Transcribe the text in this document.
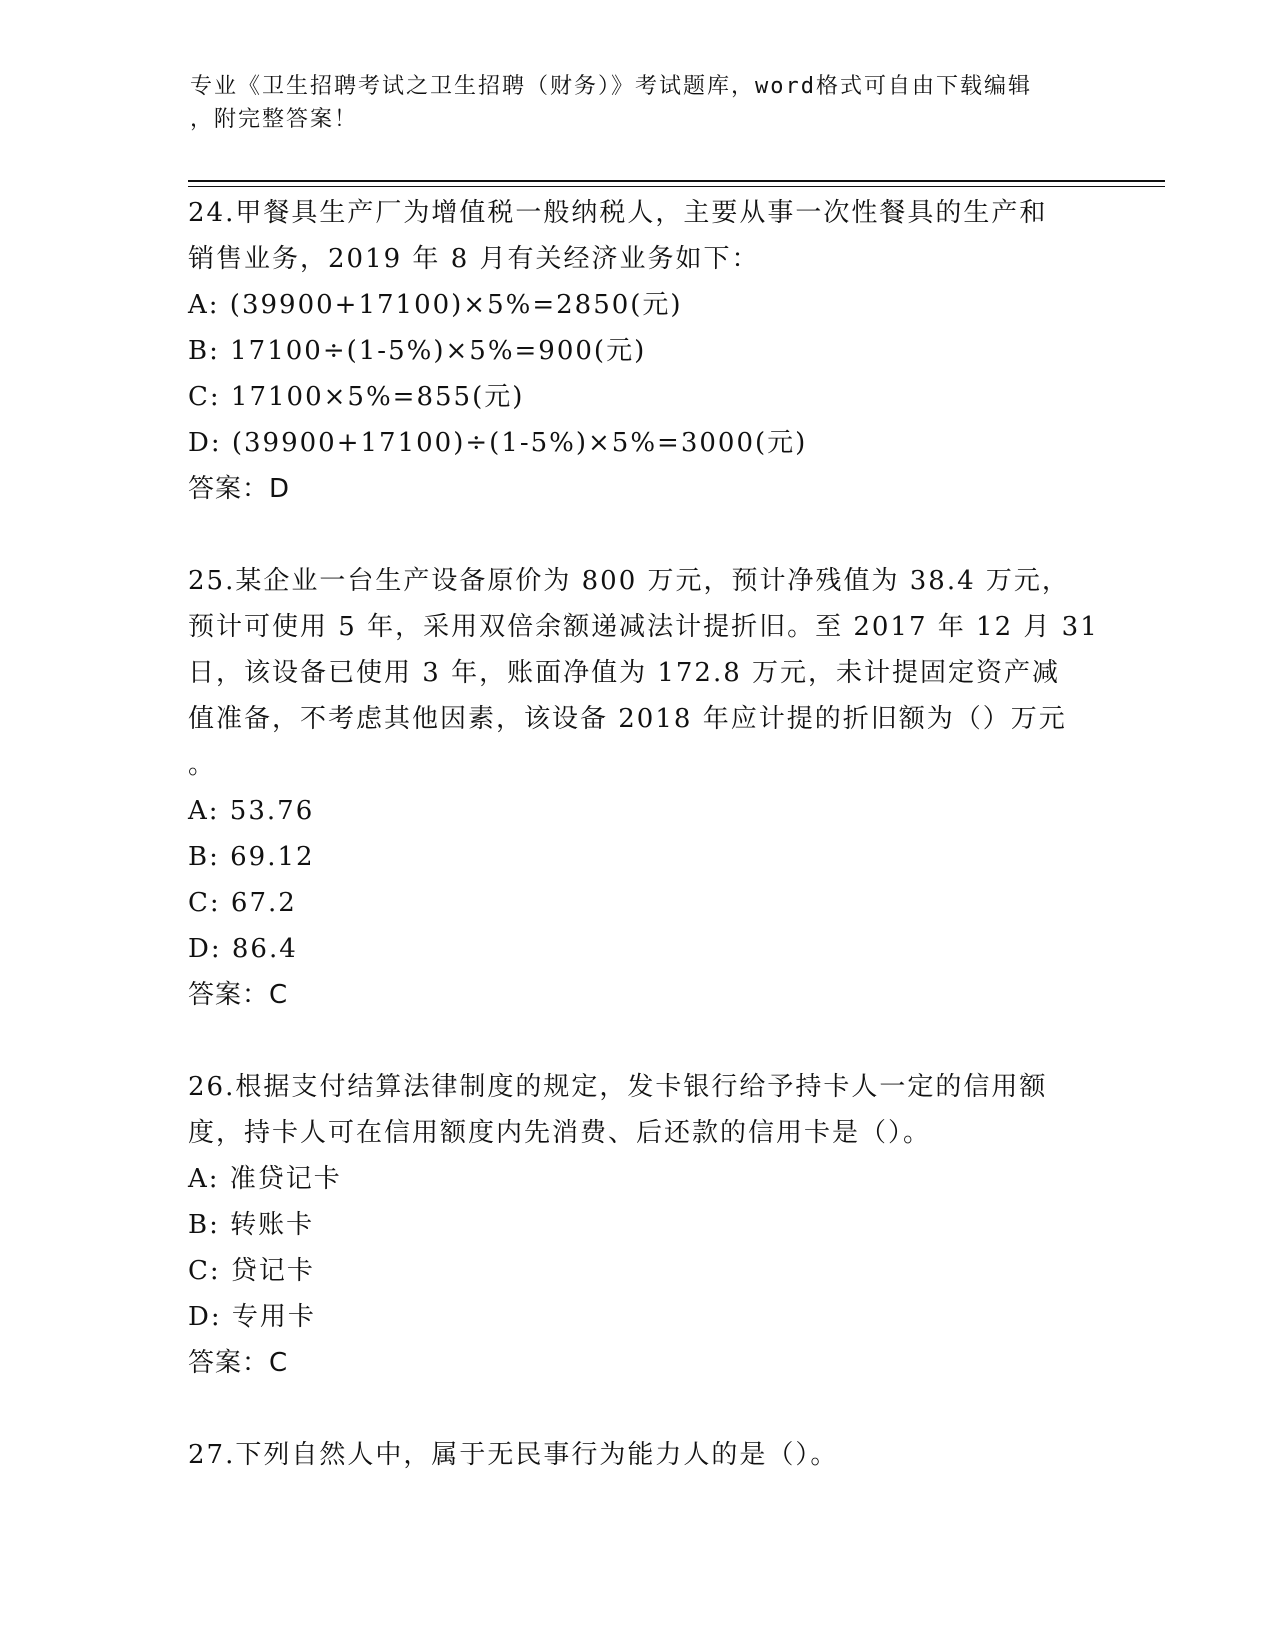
专业《卫生招聘考试之卫生招聘（财务）》考试题库，word格式可自由下载编辑
，附完整答案！
24.甲餐具生产厂为增值税一般纳税人，主要从事一次性餐具的生产和
销售业务，2019 年 8 月有关经济业务如下：
A: (39900+17100)×5%=2850(元)
B: 17100÷(1-5%)×5%=900(元)
C: 17100×5%=855(元)
D: (39900+17100)÷(1-5%)×5%=3000(元)
答案：D
25.某企业一台生产设备原价为 800 万元，预计净残值为 38.4 万元，
预计可使用 5 年，采用双倍余额递减法计提折旧。至 2017 年 12 月 31
日，该设备已使用 3 年，账面净值为 172.8 万元，未计提固定资产减
值准备，不考虑其他因素，该设备 2018 年应计提的折旧额为（）万元
。
A: 53.76
B: 69.12
C: 67.2
D: 86.4
答案：C
26.根据支付结算法律制度的规定，发卡银行给予持卡人一定的信用额
度，持卡人可在信用额度内先消费、后还款的信用卡是（）。
A: 准贷记卡
B: 转账卡
C: 贷记卡
D: 专用卡
答案：C
27.下列自然人中，属于无民事行为能力人的是（）。
